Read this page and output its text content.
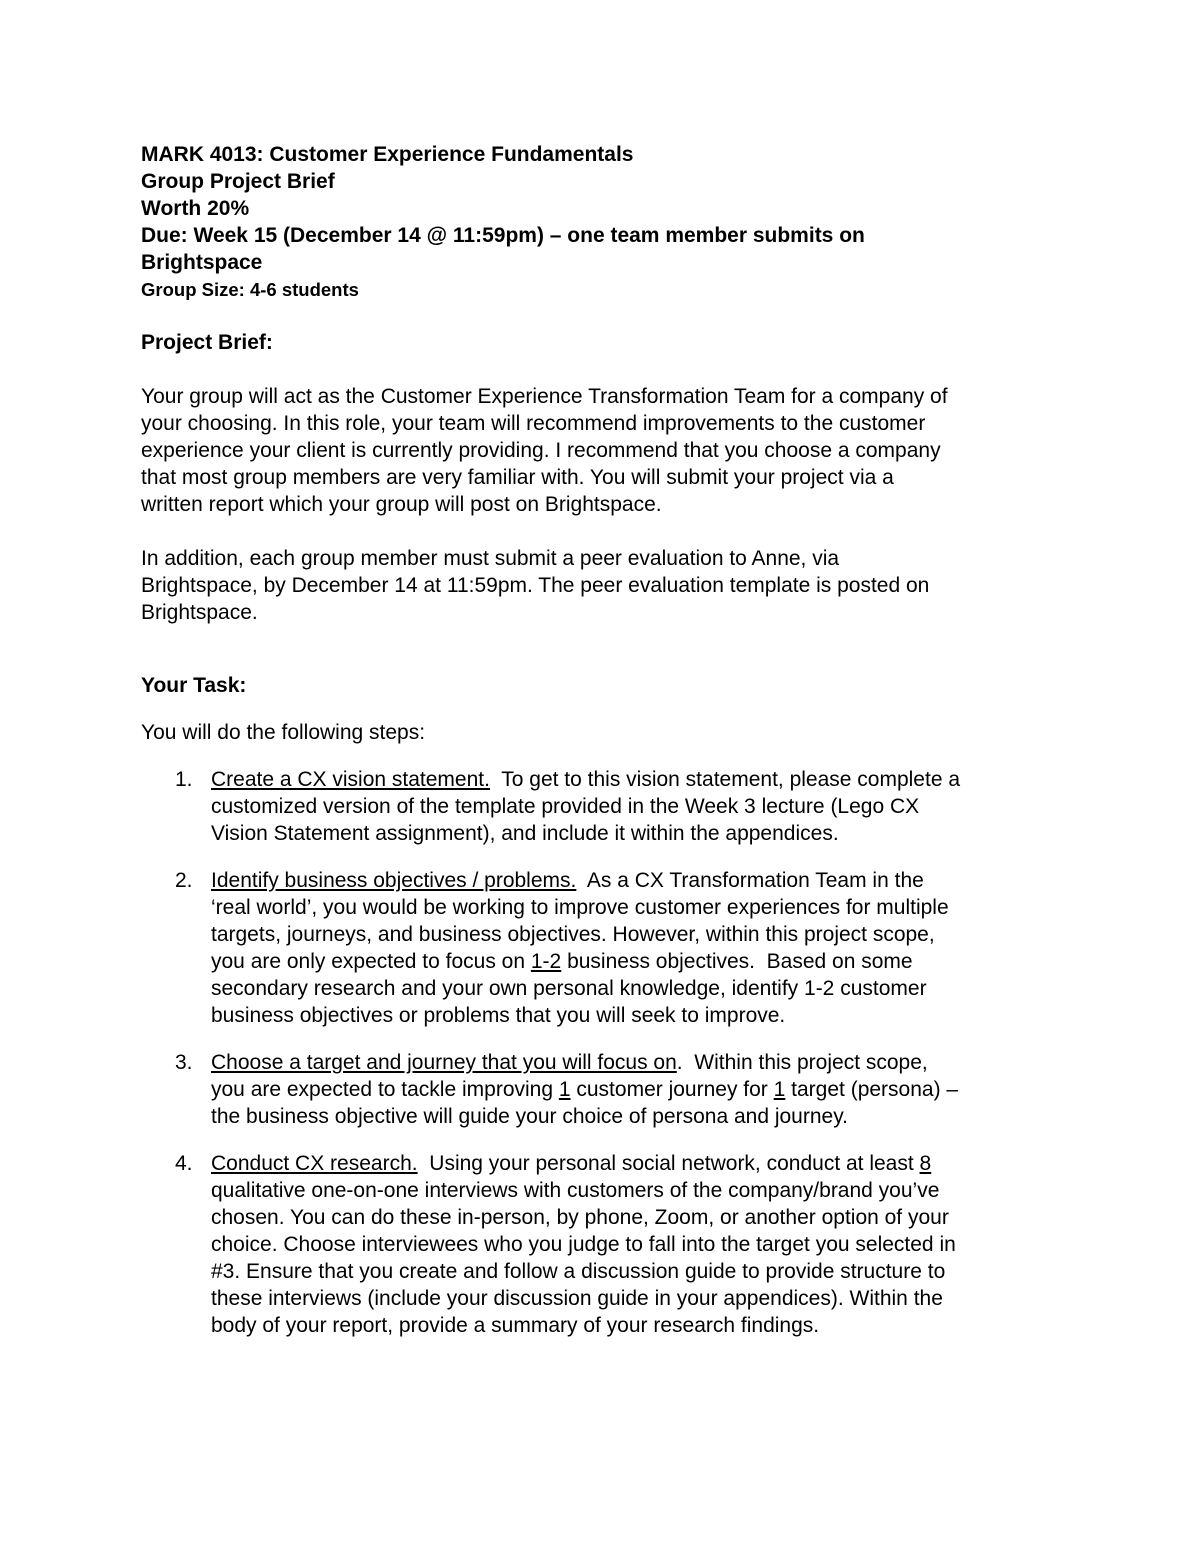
MARK 4013: Customer Experience Fundamentals

Group Project Brief

Worth 20%

Due: Week 15 (December 14 @ 11:59pm) – one team member submits on

Brightspace

Group Size: 4-6 students

Project Brief:

Your group will act as the Customer Experience Transformation Team for a company of

your choosing. In this role, your team will recommend improvements to the customer

experience your client is currently providing. I recommend that you choose a company

that most group members are very familiar with. You will submit your project via a

written report which your group will post on Brightspace.

In addition, each group member must submit a peer evaluation to Anne, via

Brightspace, by December 14 at 11:59pm. The peer evaluation template is posted on

Brightspace.

Your Task:

You will do the following steps:

1. Create a CX vision statement.  To get to this vision statement, please complete a
customized version of the template provided in the Week 3 lecture (Lego CX
Vision Statement assignment), and include it within the appendices.
2. Identify business objectives / problems.  As a CX Transformation Team in the
‘real world’, you would be working to improve customer experiences for multiple
targets, journeys, and business objectives. However, within this project scope,
you are only expected to focus on 1-2 business objectives.  Based on some
secondary research and your own personal knowledge, identify 1-2 customer
business objectives or problems that you will seek to improve.
3. Choose a target and journey that you will focus on.  Within this project scope,
you are expected to tackle improving 1 customer journey for 1 target (persona) –
the business objective will guide your choice of persona and journey.
4. Conduct CX research.  Using your personal social network, conduct at least 8
qualitative one-on-one interviews with customers of the company/brand you’ve
chosen. You can do these in-person, by phone, Zoom, or another option of your
choice. Choose interviewees who you judge to fall into the target you selected in
#3. Ensure that you create and follow a discussion guide to provide structure to
these interviews (include your discussion guide in your appendices). Within the
body of your report, provide a summary of your research findings.
